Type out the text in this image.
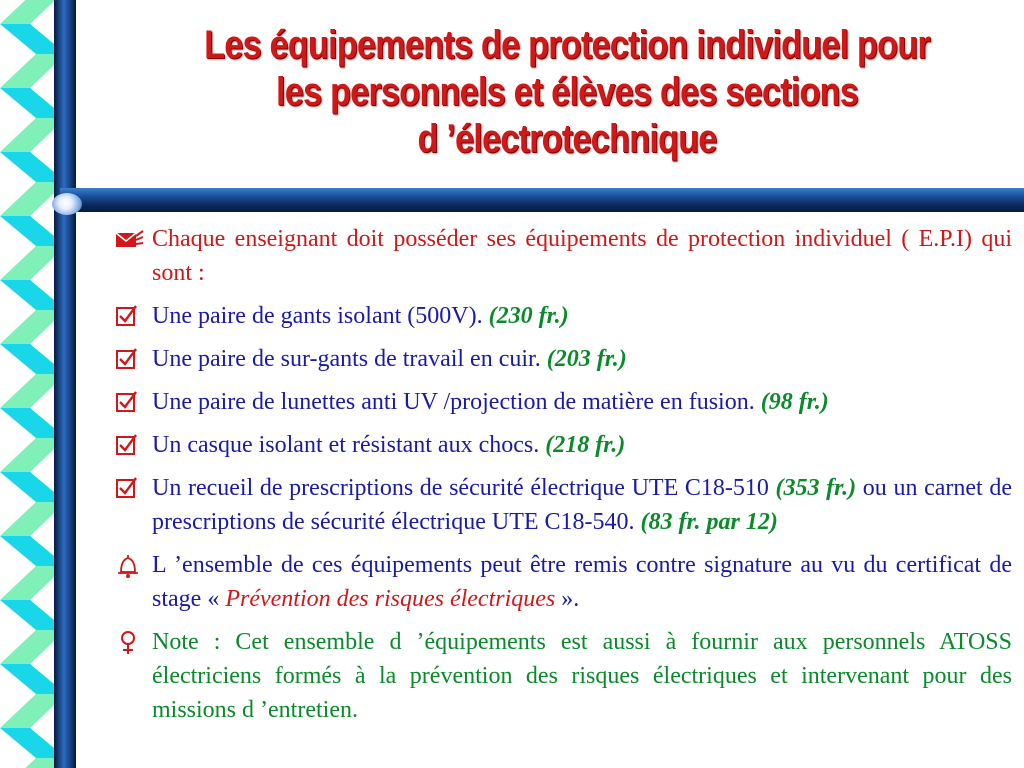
Les équipements de protection individuel pour
les personnels et élèves des sections
d ’électrotechnique
Chaque enseignant doit posséder ses équipements de protection individuel ( E.P.I) qui sont :
Une paire de gants isolant (500V). (230 fr.)
Une paire de sur-gants de travail en cuir. (203 fr.)
Une paire de lunettes anti UV /projection de matière en fusion. (98 fr.)
Un casque isolant et résistant aux chocs. (218 fr.)
Un recueil de prescriptions de sécurité électrique UTE C18-510 (353 fr.) ou un carnet de prescriptions de sécurité électrique UTE C18-540. (83 fr. par 12)
L ’ensemble de ces équipements peut être remis contre signature au vu du certificat de stage « Prévention des risques électriques ».
Note : Cet ensemble d ’équipements est aussi à fournir aux personnels ATOSS électriciens formés à la prévention des risques électriques et intervenant pour des missions d ’entretien.
